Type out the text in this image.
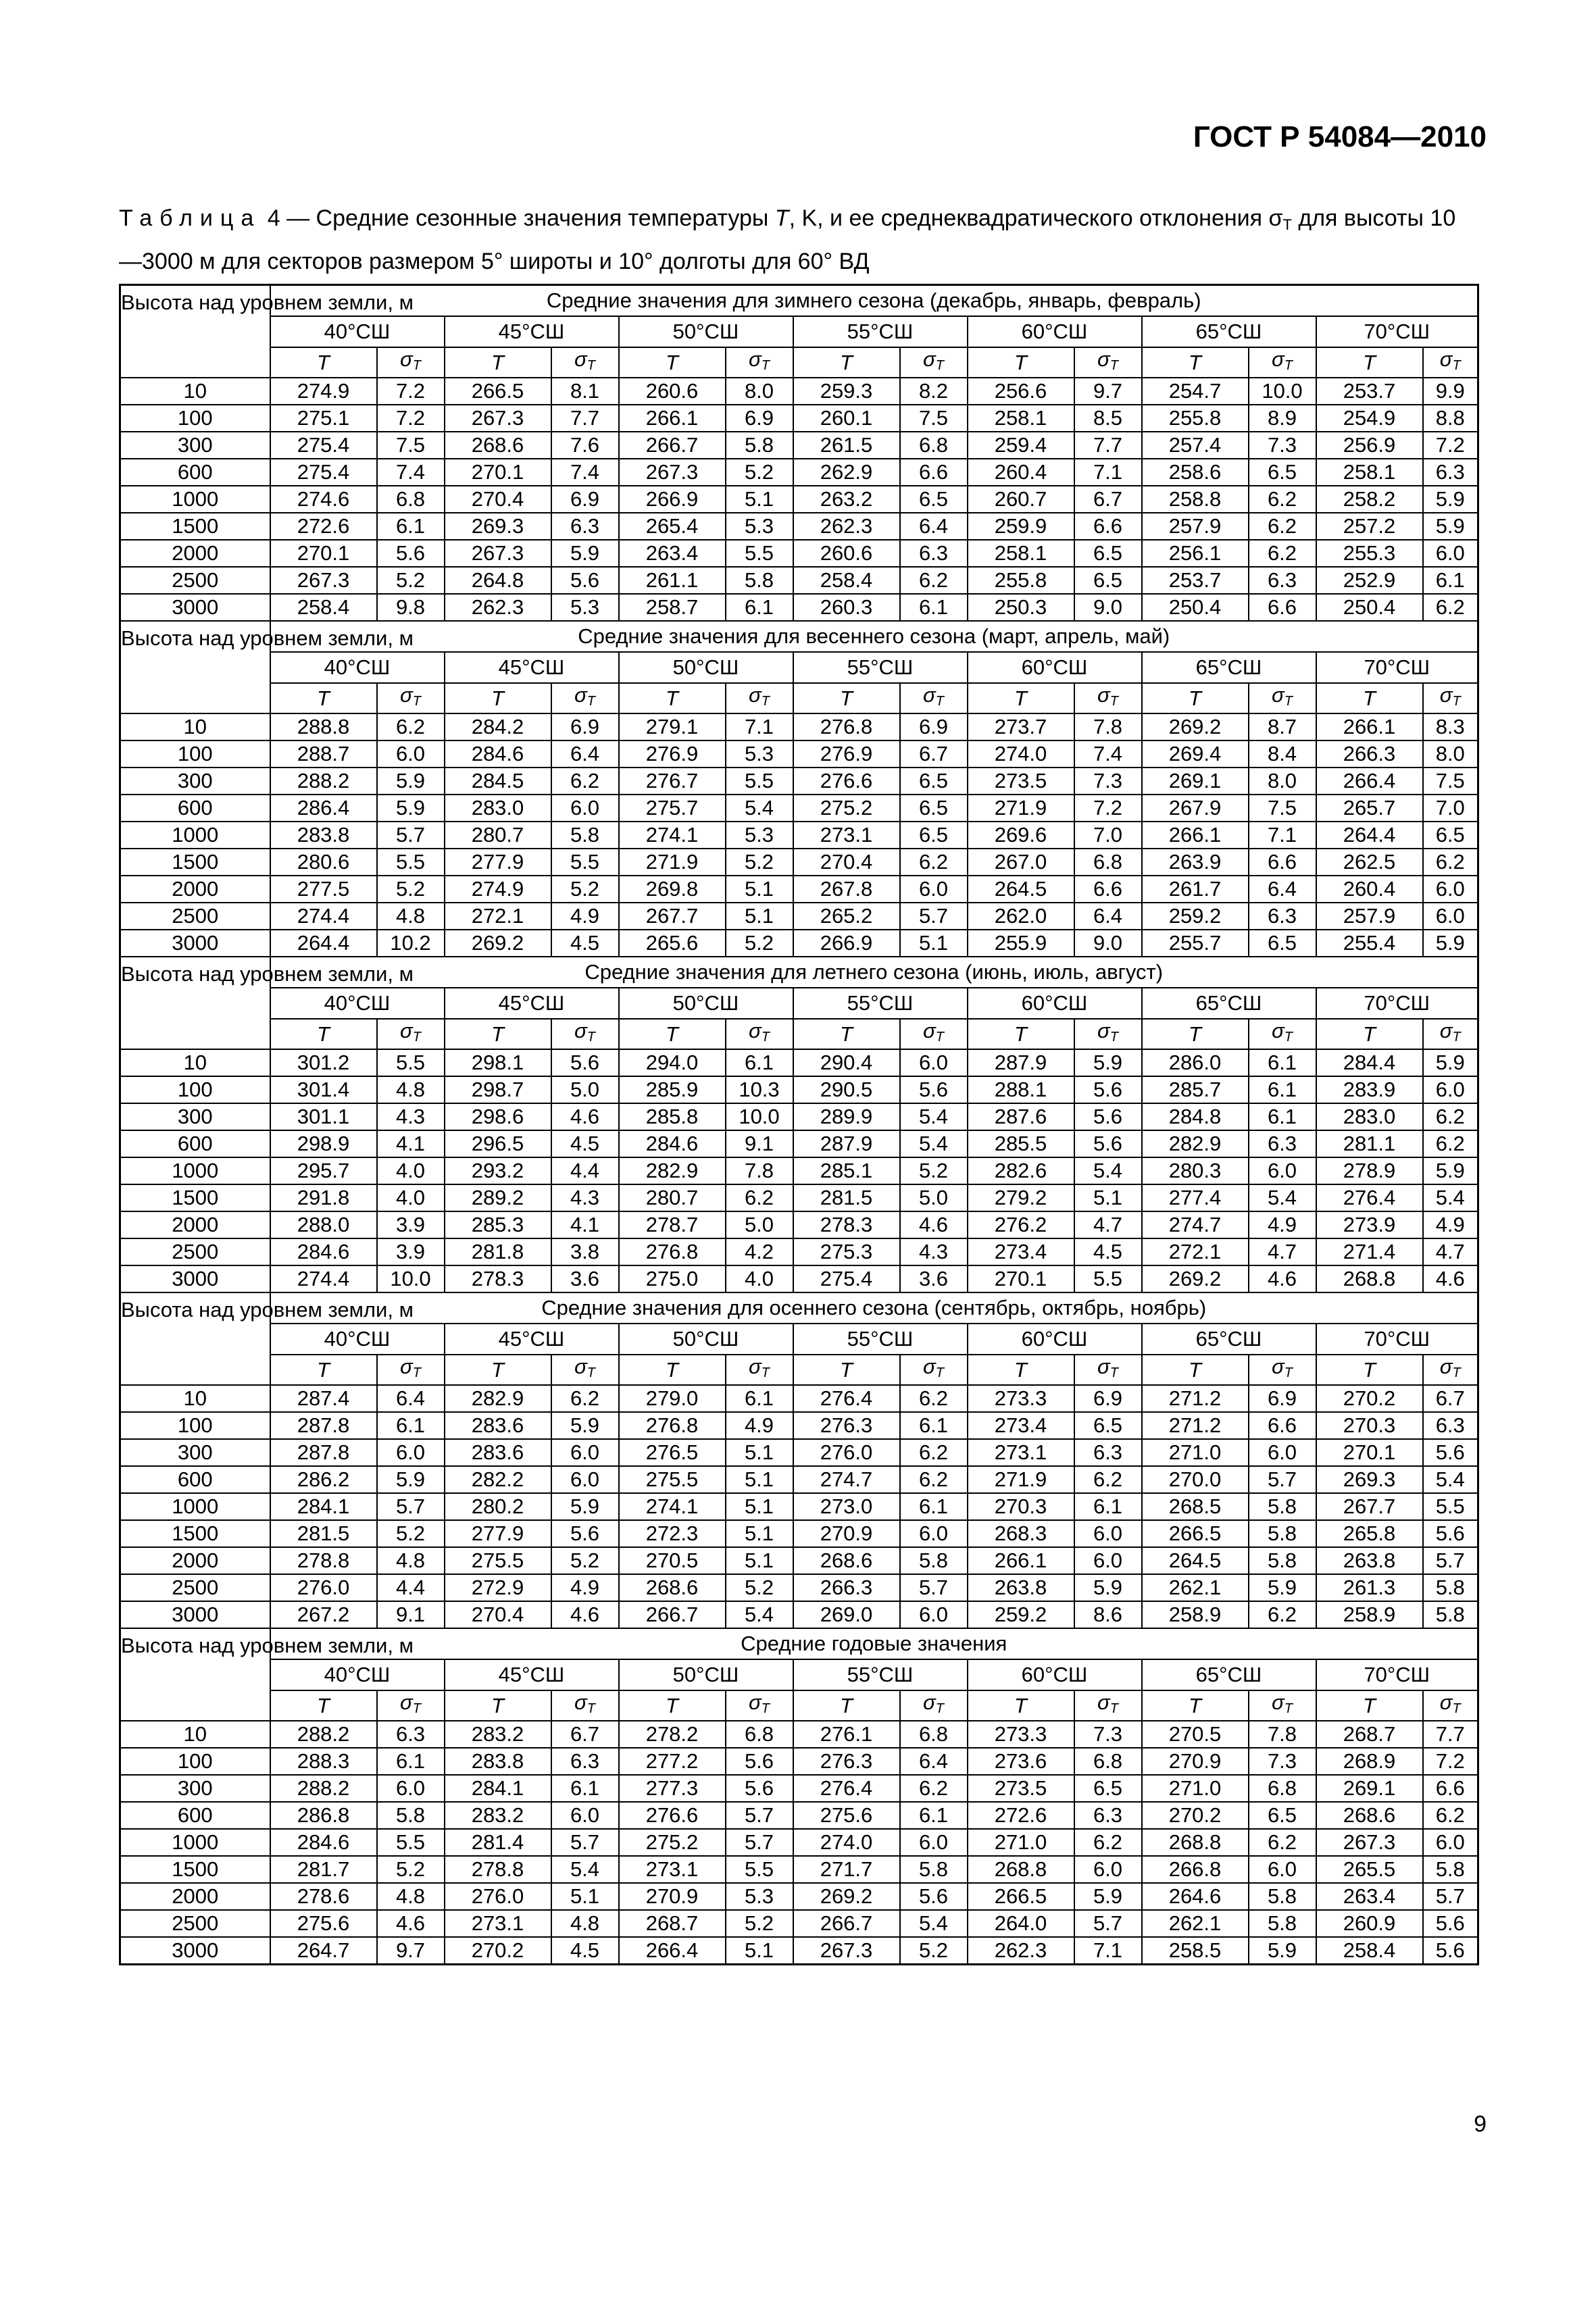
ГОСТ Р 54084—2010
Таблица 4 — Средние сезонные значения температуры T, K, и ее среднеквадратического отклонения $\sigma_T$ для высоты 10—3000 м для секторов размером 5° широты и 10° долготы для 60° ВД
Высота над уровнем земли, м	Средние значения для зимнего сезона (декабрь, январь, февраль)													
	40°СШ		45°СШ		50°СШ		55°СШ		60°СШ		65°СШ		70°СШ	
	T	$\sigma_T$	T	$\sigma_T$	T	$\sigma_T$	T	$\sigma_T$	T	$\sigma_T$	T	$\sigma_T$	T	$\sigma_T$
10	274.9	7.2	266.5	8.1	260.6	8.0	259.3	8.2	256.6	9.7	254.7	10.0	253.7	9.9
100	275.1	7.2	267.3	7.7	266.1	6.9	260.1	7.5	258.1	8.5	255.8	8.9	254.9	8.8
300	275.4	7.5	268.6	7.6	266.7	5.8	261.5	6.8	259.4	7.7	257.4	7.3	256.9	7.2
600	275.4	7.4	270.1	7.4	267.3	5.2	262.9	6.6	260.4	7.1	258.6	6.5	258.1	6.3
1000	274.6	6.8	270.4	6.9	266.9	5.1	263.2	6.5	260.7	6.7	258.8	6.2	258.2	5.9
1500	272.6	6.1	269.3	6.3	265.4	5.3	262.3	6.4	259.9	6.6	257.9	6.2	257.2	5.9
2000	270.1	5.6	267.3	5.9	263.4	5.5	260.6	6.3	258.1	6.5	256.1	6.2	255.3	6.0
2500	267.3	5.2	264.8	5.6	261.1	5.8	258.4	6.2	255.8	6.5	253.7	6.3	252.9	6.1
3000	258.4	9.8	262.3	5.3	258.7	6.1	260.3	6.1	250.3	9.0	250.4	6.6	250.4	6.2
Высота над уровнем земли, м	Средние значения для весеннего сезона (март, апрель, май)													
	40°СШ		45°СШ		50°СШ		55°СШ		60°СШ		65°СШ		70°СШ	
	T	$\sigma_T$	T	$\sigma_T$	T	$\sigma_T$	T	$\sigma_T$	T	$\sigma_T$	T	$\sigma_T$	T	$\sigma_T$
10	288.8	6.2	284.2	6.9	279.1	7.1	276.8	6.9	273.7	7.8	269.2	8.7	266.1	8.3
100	288.7	6.0	284.6	6.4	276.9	5.3	276.9	6.7	274.0	7.4	269.4	8.4	266.3	8.0
300	288.2	5.9	284.5	6.2	276.7	5.5	276.6	6.5	273.5	7.3	269.1	8.0	266.4	7.5
600	286.4	5.9	283.0	6.0	275.7	5.4	275.2	6.5	271.9	7.2	267.9	7.5	265.7	7.0
1000	283.8	5.7	280.7	5.8	274.1	5.3	273.1	6.5	269.6	7.0	266.1	7.1	264.4	6.5
1500	280.6	5.5	277.9	5.5	271.9	5.2	270.4	6.2	267.0	6.8	263.9	6.6	262.5	6.2
2000	277.5	5.2	274.9	5.2	269.8	5.1	267.8	6.0	264.5	6.6	261.7	6.4	260.4	6.0
2500	274.4	4.8	272.1	4.9	267.7	5.1	265.2	5.7	262.0	6.4	259.2	6.3	257.9	6.0
3000	264.4	10.2	269.2	4.5	265.6	5.2	266.9	5.1	255.9	9.0	255.7	6.5	255.4	5.9
Высота над уровнем земли, м	Средние значения для летнего сезона (июнь, июль, август)													
	40°СШ		45°СШ		50°СШ		55°СШ		60°СШ		65°СШ		70°СШ	
	T	$\sigma_T$	T	$\sigma_T$	T	$\sigma_T$	T	$\sigma_T$	T	$\sigma_T$	T	$\sigma_T$	T	$\sigma_T$
10	301.2	5.5	298.1	5.6	294.0	6.1	290.4	6.0	287.9	5.9	286.0	6.1	284.4	5.9
100	301.4	4.8	298.7	5.0	285.9	10.3	290.5	5.6	288.1	5.6	285.7	6.1	283.9	6.0
300	301.1	4.3	298.6	4.6	285.8	10.0	289.9	5.4	287.6	5.6	284.8	6.1	283.0	6.2
600	298.9	4.1	296.5	4.5	284.6	9.1	287.9	5.4	285.5	5.6	282.9	6.3	281.1	6.2
1000	295.7	4.0	293.2	4.4	282.9	7.8	285.1	5.2	282.6	5.4	280.3	6.0	278.9	5.9
1500	291.8	4.0	289.2	4.3	280.7	6.2	281.5	5.0	279.2	5.1	277.4	5.4	276.4	5.4
2000	288.0	3.9	285.3	4.1	278.7	5.0	278.3	4.6	276.2	4.7	274.7	4.9	273.9	4.9
2500	284.6	3.9	281.8	3.8	276.8	4.2	275.3	4.3	273.4	4.5	272.1	4.7	271.4	4.7
3000	274.4	10.0	278.3	3.6	275.0	4.0	275.4	3.6	270.1	5.5	269.2	4.6	268.8	4.6
Высота над уровнем земли, м	Средние значения для осеннего сезона (сентябрь, октябрь, ноябрь)													
	40°СШ		45°СШ		50°СШ		55°СШ		60°СШ		65°СШ		70°СШ	
	T	$\sigma_T$	T	$\sigma_T$	T	$\sigma_T$	T	$\sigma_T$	T	$\sigma_T$	T	$\sigma_T$	T	$\sigma_T$
10	287.4	6.4	282.9	6.2	279.0	6.1	276.4	6.2	273.3	6.9	271.2	6.9	270.2	6.7
100	287.8	6.1	283.6	5.9	276.8	4.9	276.3	6.1	273.4	6.5	271.2	6.6	270.3	6.3
300	287.8	6.0	283.6	6.0	276.5	5.1	276.0	6.2	273.1	6.3	271.0	6.0	270.1	5.6
600	286.2	5.9	282.2	6.0	275.5	5.1	274.7	6.2	271.9	6.2	270.0	5.7	269.3	5.4
1000	284.1	5.7	280.2	5.9	274.1	5.1	273.0	6.1	270.3	6.1	268.5	5.8	267.7	5.5
1500	281.5	5.2	277.9	5.6	272.3	5.1	270.9	6.0	268.3	6.0	266.5	5.8	265.8	5.6
2000	278.8	4.8	275.5	5.2	270.5	5.1	268.6	5.8	266.1	6.0	264.5	5.8	263.8	5.7
2500	276.0	4.4	272.9	4.9	268.6	5.2	266.3	5.7	263.8	5.9	262.1	5.9	261.3	5.8
3000	267.2	9.1	270.4	4.6	266.7	5.4	269.0	6.0	259.2	8.6	258.9	6.2	258.9	5.8
Высота над уровнем земли, м	Средние годовые значения													
	40°СШ		45°СШ		50°СШ		55°СШ		60°СШ		65°СШ		70°СШ	
	T	$\sigma_T$	T	$\sigma_T$	T	$\sigma_T$	T	$\sigma_T$	T	$\sigma_T$	T	$\sigma_T$	T	$\sigma_T$
10	288.2	6.3	283.2	6.7	278.2	6.8	276.1	6.8	273.3	7.3	270.5	7.8	268.7	7.7
100	288.3	6.1	283.8	6.3	277.2	5.6	276.3	6.4	273.6	6.8	270.9	7.3	268.9	7.2
300	288.2	6.0	284.1	6.1	277.3	5.6	276.4	6.2	273.5	6.5	271.0	6.8	269.1	6.6
600	286.8	5.8	283.2	6.0	276.6	5.7	275.6	6.1	272.6	6.3	270.2	6.5	268.6	6.2
1000	284.6	5.5	281.4	5.7	275.2	5.7	274.0	6.0	271.0	6.2	268.8	6.2	267.3	6.0
1500	281.7	5.2	278.8	5.4	273.1	5.5	271.7	5.8	268.8	6.0	266.8	6.0	265.5	5.8
2000	278.6	4.8	276.0	5.1	270.9	5.3	269.2	5.6	266.5	5.9	264.6	5.8	263.4	5.7
2500	275.6	4.6	273.1	4.8	268.7	5.2	266.7	5.4	264.0	5.7	262.1	5.8	260.9	5.6
3000	264.7	9.7	270.2	4.5	266.4	5.1	267.3	5.2	262.3	7.1	258.5	5.9	258.4	5.6
9
